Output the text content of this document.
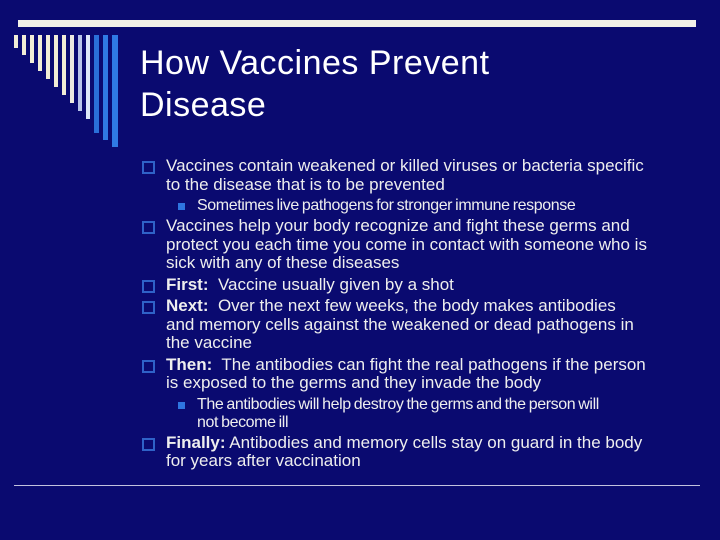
How Vaccines Prevent
Disease
Vaccines contain weakened or killed viruses or bacteria specific
to the disease that is to be prevented
Sometimes live pathogens for stronger immune response
Vaccines help your body recognize and fight these germs and
protect you each time you come in contact with someone who is
sick with any of these diseases
First:  Vaccine usually given by a shot
Next:  Over the next few weeks, the body makes antibodies
and memory cells against the weakened or dead pathogens in
the vaccine
Then:  The antibodies can fight the real pathogens if the person
is exposed to the germs and they invade the body
The antibodies will help destroy the germs and the person will
not become ill
Finally: Antibodies and memory cells stay on guard in the body
for years after vaccination
